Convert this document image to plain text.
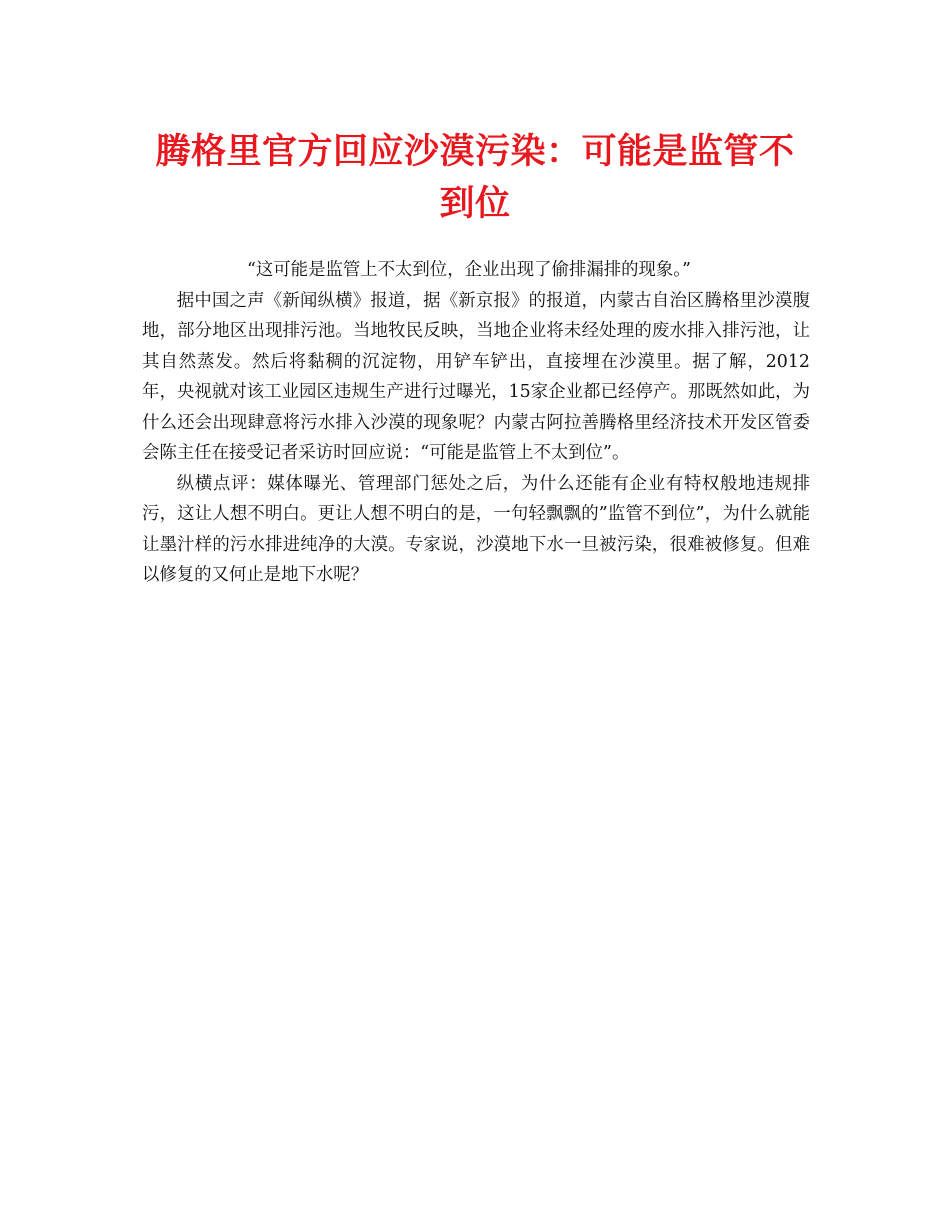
腾格里官方回应沙漠污染：可能是监管不到位

“这可能是监管上不太到位，企业出现了偷排漏排的现象。”

据中国之声《新闻纵横》报道，据《新京报》的报道，内蒙古自治区腾格里沙漠腹地，部分地区出现排污池。当地牧民反映，当地企业将未经处理的废水排入排污池，让其自然蒸发。然后将黏稠的沉淀物，用铲车铲出，直接埋在沙漠里。据了解，2012年，央视就对该工业园区违规生产进行过曝光，15家企业都已经停产。那既然如此，为什么还会出现肆意将污水排入沙漠的现象呢？内蒙古阿拉善腾格里经济技术开发区管委会陈主任在接受记者采访时回应说：“可能是监管上不太到位”。

纵横点评：媒体曝光、管理部门惩处之后，为什么还能有企业有特权般地违规排污，这让人想不明白。更让人想不明白的是，一句轻飘飘的”监管不到位”，为什么就能让墨汁样的污水排进纯净的大漠。专家说，沙漠地下水一旦被污染，很难被修复。但难以修复的又何止是地下水呢？
